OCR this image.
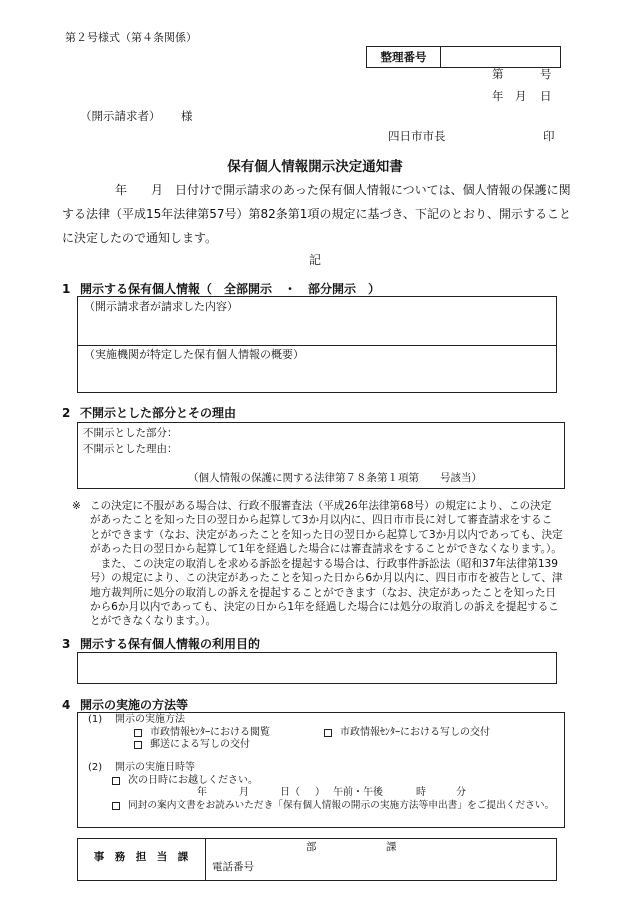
第２号様式（第４条関係）
整理番号
第	号
年 月 日
（開示請求者） 様
四日市市長	印
保有個人情報開示決定通知書
年　　月　日付けで開示請求のあった保有個人情報については、個人情報の保護に関
する法律（平成15年法律第57号）第82条第1項の規定に基づき、下記のとおり、開示すること
に決定したので通知します。
記
1 開示する保有個人情報（　全部開示　・　部分開示　）
（開示請求者が請求した内容）
（実施機関が特定した保有個人情報の概要）
2 不開示とした部分とその理由
不開示とした部分：
不開示とした理由：
（個人情報の保護に関する法律第７８条第１項第　　号該当）
※ この決定に不服がある場合は、行政不服審査法（平成26年法律第68号）の規定により、この決定
があったことを知った日の翌日から起算して3か月以内に、四日市市長に対して審査請求をするこ
とができます（なお、決定があったことを知った日の翌日から起算して3か月以内であっても、決定
があった日の翌日から起算して1年を経過した場合には審査請求をすることができなくなります。）。
　また、この決定の取消しを求める訴訟を提起する場合は、行政事件訴訟法（昭和37年法律第139
号）の規定により、この決定があったことを知った日から6か月以内に、四日市市を被告として、津
地方裁判所に処分の取消しの訴えを提起することができます（なお、決定があったことを知った日
から6か月以内であっても、決定の日から1年を経過した場合には処分の取消しの訴えを提起するこ
とができなくなります。）。
3 開示する保有個人情報の利用目的
4 開示の実施の方法等
(1) 開示の実施方法
市政情報ｾﾝﾀｰにおける閲覧	市政情報ｾﾝﾀｰにおける写しの交付
郵送による写しの交付
(2) 開示の実施日時等
次の日時にお越しください。
年	月	日（ ） 午前・午後	時	分
同封の案内文書をお読みいただき「保有個人情報の開示の実施方法等申出書」をご提出ください。
事　務　担　当　課
部	課
電話番号
